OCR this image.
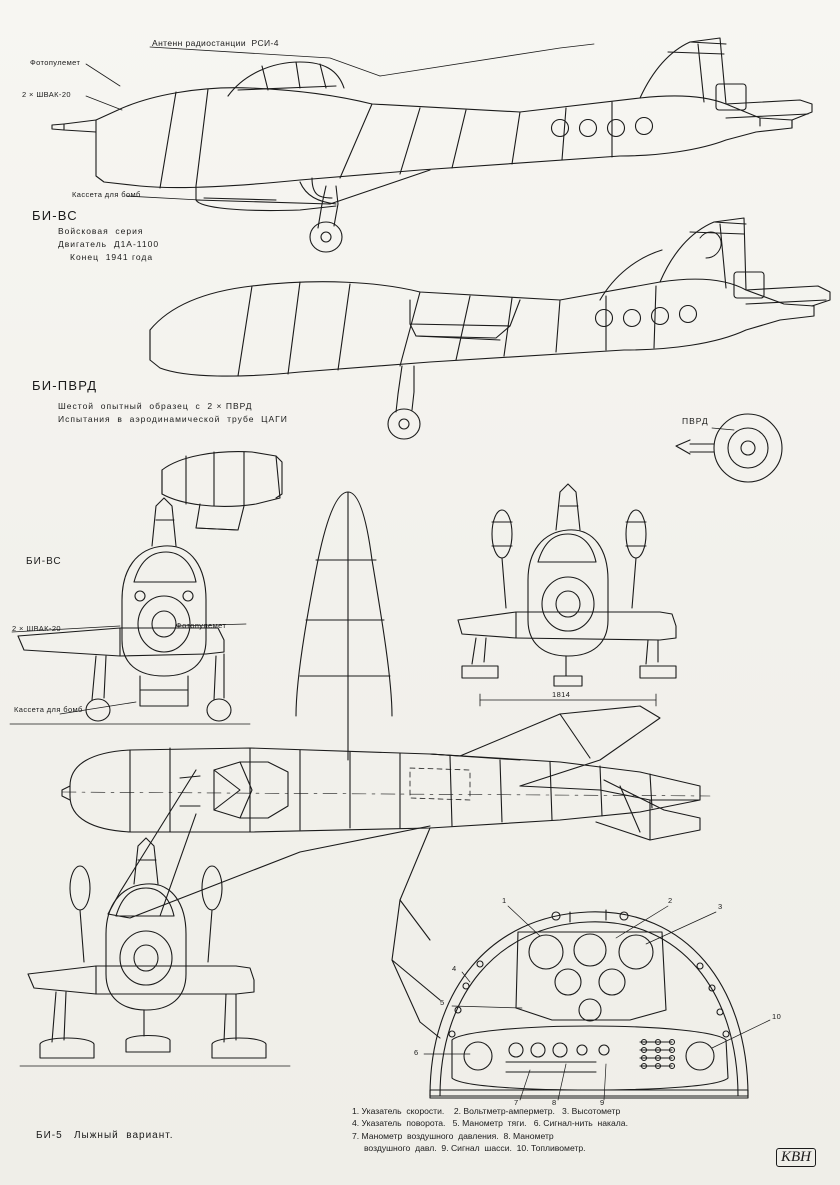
Антенн радиостанции  РСИ-4
Фотопулемет
2 × ШВАК-20
Кассета для бомб
БИ-ВС
Войсковая  серия
Двигатель  Д1А-1100
Конец  1941 года
БИ-ПВРД
Шестой  опытный  образец  с  2 × ПВРД
Испытания  в  аэродинамической  трубе  ЦАГИ	ПВРД
БИ-ВС
2 × ШВАК-20	Фотопулемет
Кассета для бомб
1814
БИ-5   Лыжный  вариант.
1	2
3
4
5
6
7	8	9
10
1. Указатель  скорости.    2. Вольтметр-амперметр.   3. Высотометр
4. Указатель  поворота.   5. Манометр  тяги.   6. Сигнал-нить  накала.
7. Манометр  воздушного  давления.  8. Манометр
воздушного  давл.  9. Сигнал  шасси.  10. Топливометр.
КВН
